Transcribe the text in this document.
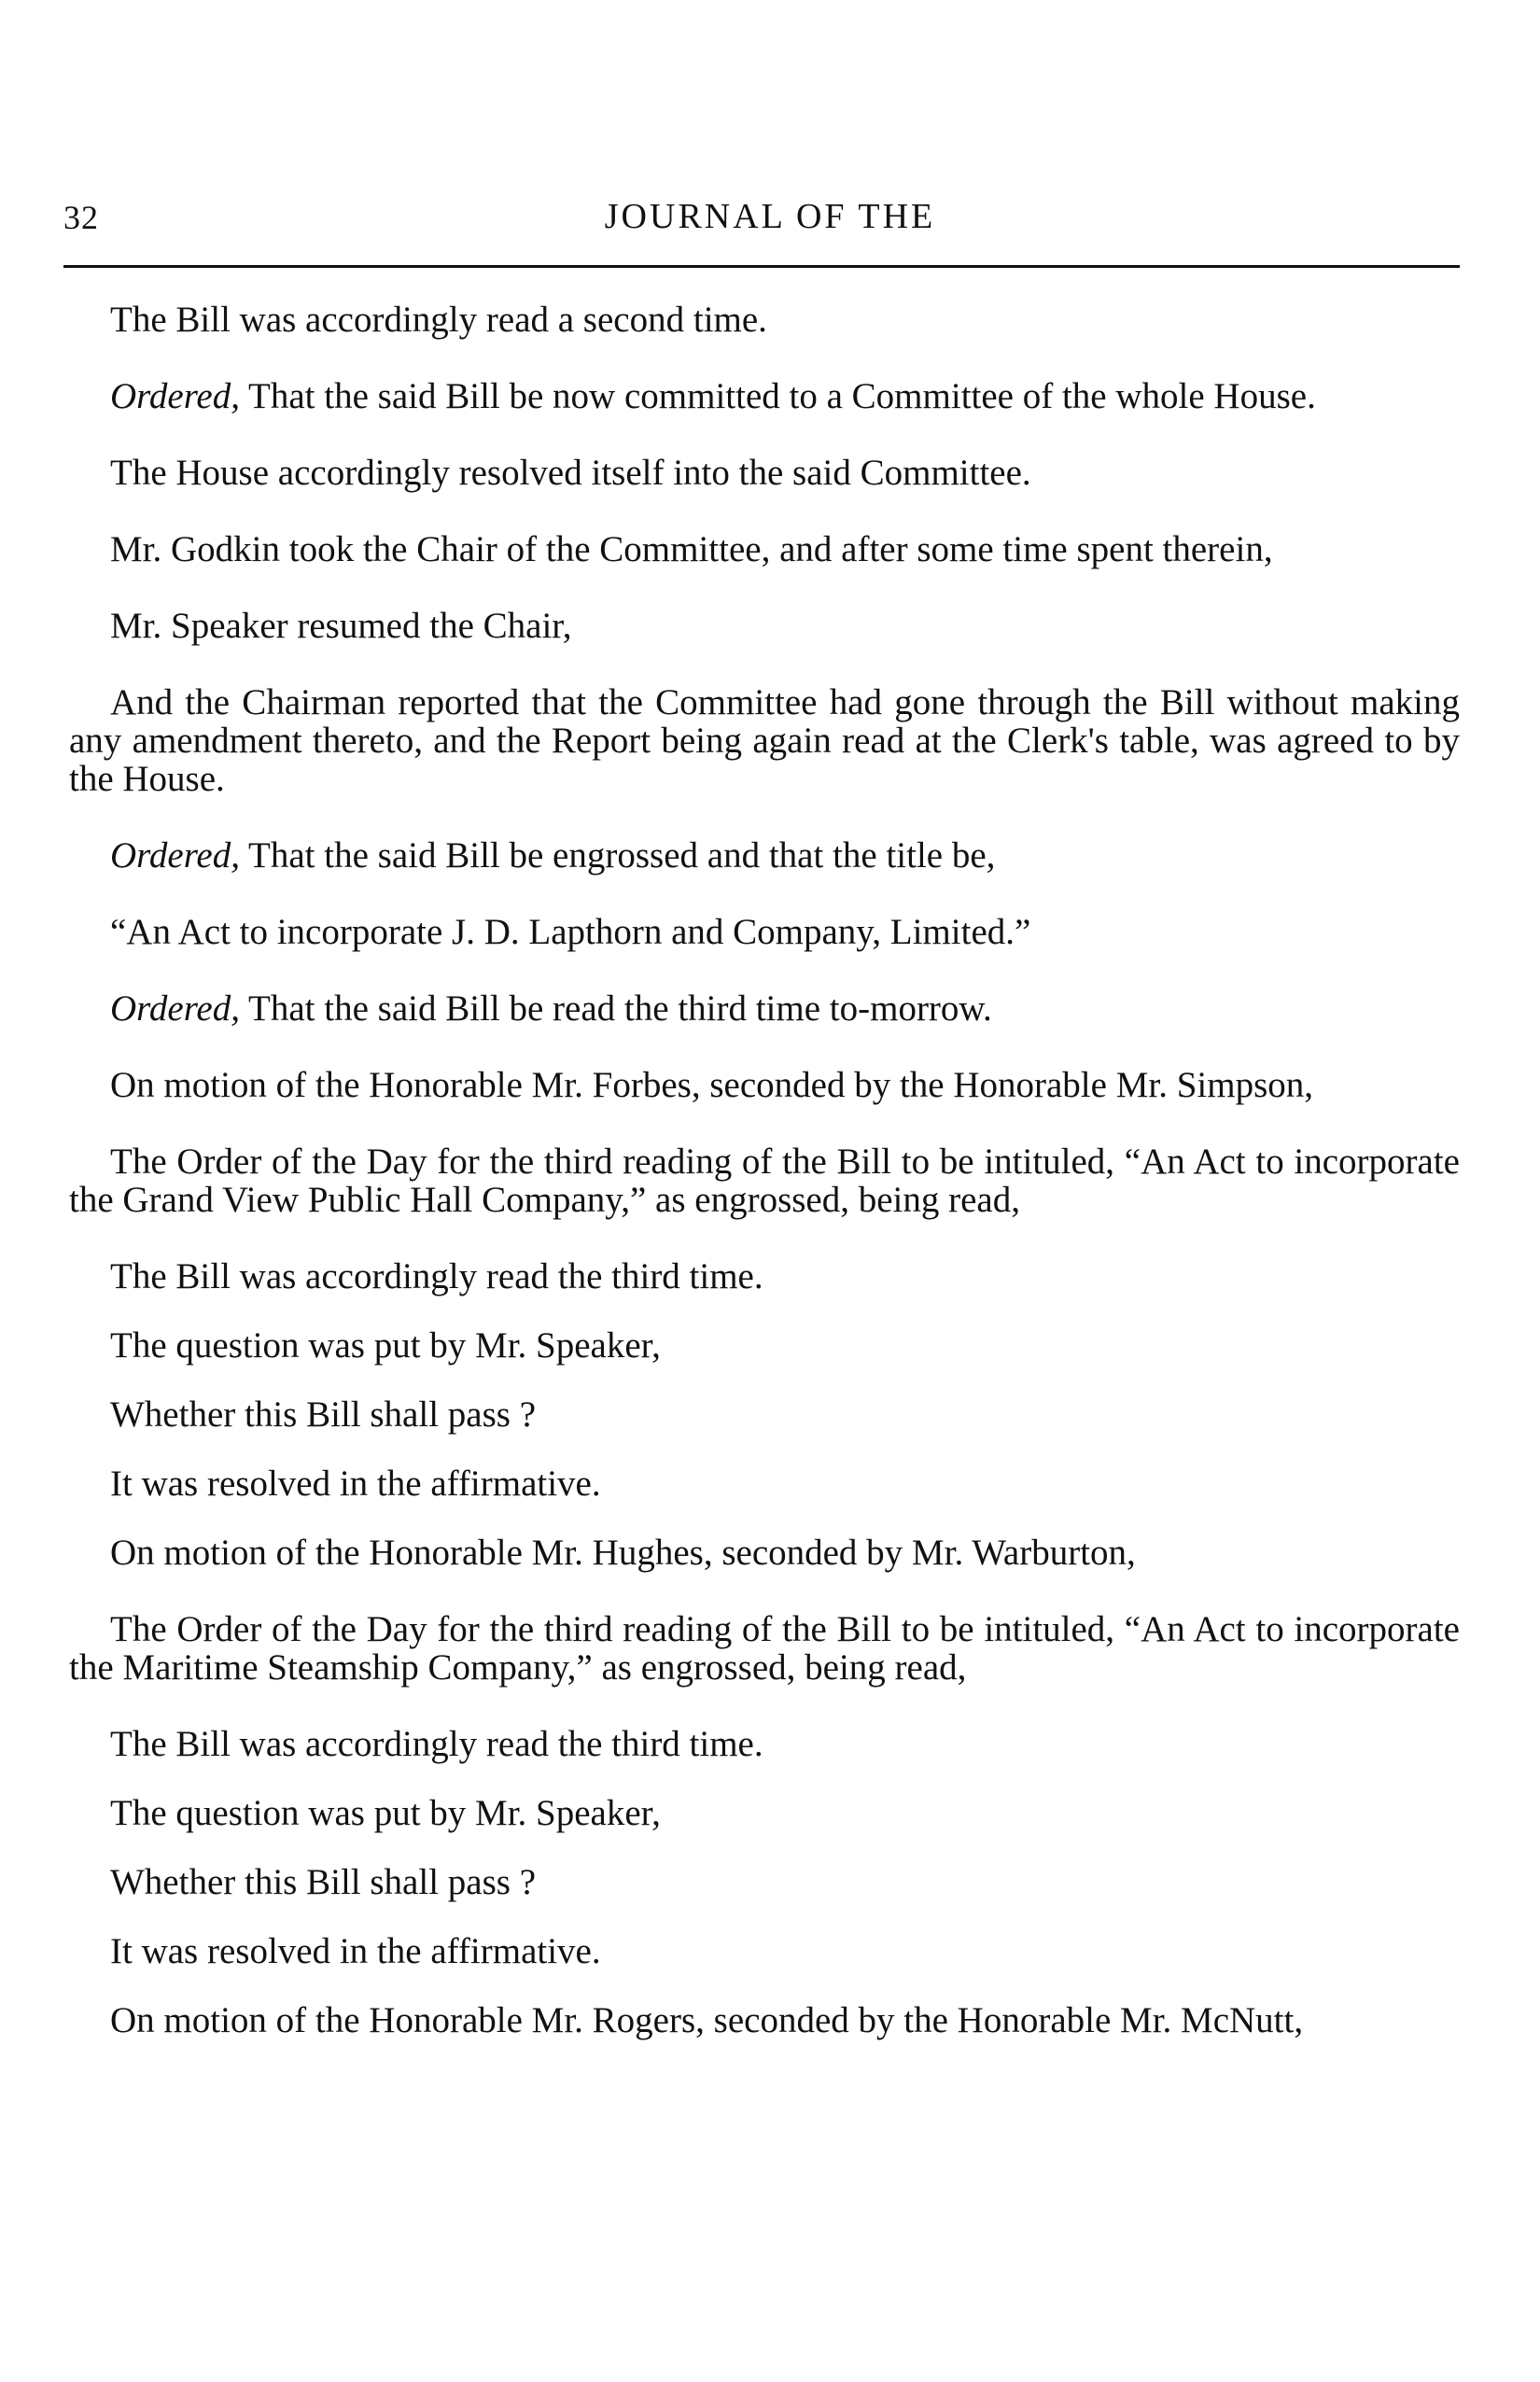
32	JOURNAL OF THE

The Bill was accordingly read a second time.

Ordered, That the said Bill be now committed to a Committee of the whole House.

The House accordingly resolved itself into the said Committee.

Mr. Godkin took the Chair of the Committee, and after some time spent therein,

Mr. Speaker resumed the Chair,

And the Chairman reported that the Committee had gone through the Bill without making any amendment thereto, and the Report being again read at the Clerk's table, was agreed to by the House.

Ordered, That the said Bill be engrossed and that the title be,

“An Act to incorporate J. D. Lapthorn and Company, Limited.”

Ordered, That the said Bill be read the third time to-morrow.

On motion of the Honorable Mr. Forbes, seconded by the Honorable Mr. Simpson,

The Order of the Day for the third reading of the Bill to be intituled, “An Act to incorporate the Grand View Public Hall Company,” as engrossed, being read,

The Bill was accordingly read the third time.

The question was put by Mr. Speaker,

Whether this Bill shall pass ?

It was resolved in the affirmative.

On motion of the Honorable Mr. Hughes, seconded by Mr. Warburton,

The Order of the Day for the third reading of the Bill to be intituled, “An Act to incorporate the Maritime Steamship Company,” as engrossed, being read,

The Bill was accordingly read the third time.

The question was put by Mr. Speaker,

Whether this Bill shall pass ?

It was resolved in the affirmative.

On motion of the Honorable Mr. Rogers, seconded by the Honorable Mr. McNutt,
